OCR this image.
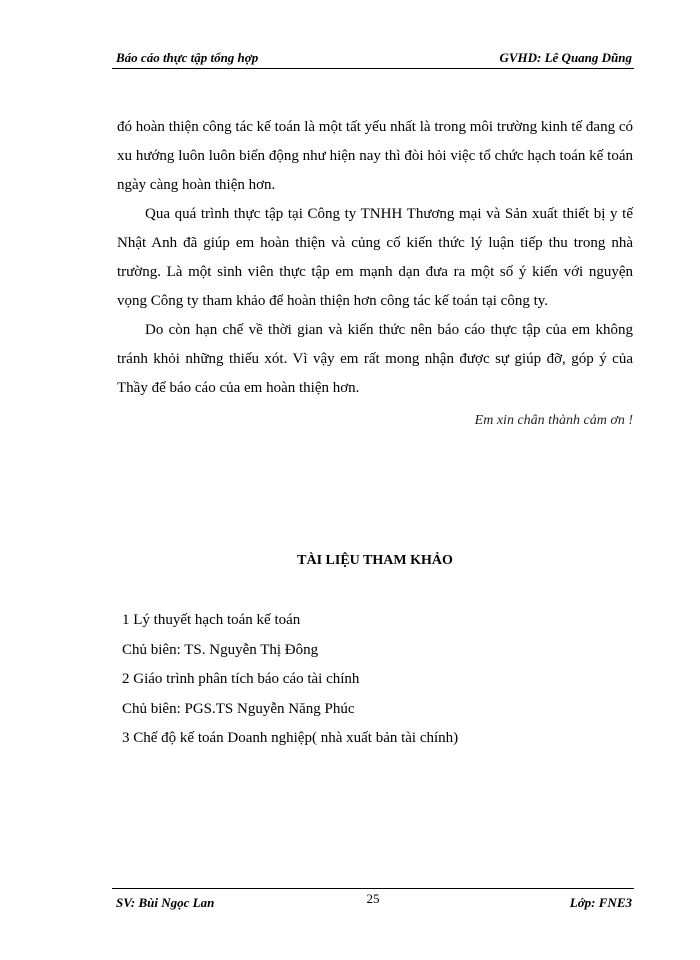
Báo cáo thực tập tổng hợp	GVHD: Lê Quang Dũng

đó hoàn thiện công tác kế toán là một tất yếu nhất là trong môi trường kinh tế đang có xu hướng luôn luôn biến động như hiện nay thì đòi hỏi việc tổ chức hạch toán kế toán ngày càng hoàn thiện hơn.

Qua quá trình thực tập tại Công ty TNHH Thương mại và Sản xuất thiết bị y tế Nhật Anh đã giúp em hoàn thiện và củng cố kiến thức lý luận tiếp thu trong nhà trường. Là một sinh viên thực tập em mạnh dạn đưa ra một số ý kiến với nguyện vọng Công ty tham khảo để hoàn thiện hơn công tác kế toán tại công ty.

Do còn hạn chế về thời gian và kiến thức nên báo cáo thực tập của em không tránh khỏi những thiếu xót. Vì vậy em rất mong nhận được sự giúp đỡ, góp ý của Thầy để báo cáo của em hoàn thiện hơn.

Em xin chân thành cảm ơn !
TÀI LIỆU THAM KHẢO
1 Lý thuyết hạch toán kế toán
Chủ biên: TS. Nguyễn Thị Đông
2 Giáo trình phân tích báo cáo tài chính
Chủ biên: PGS.TS Nguyễn Năng Phúc
3 Chế độ kế toán Doanh nghiệp( nhà xuất bản tài chính)
SV: Bùi Ngọc Lan	25	Lớp: FNE3
